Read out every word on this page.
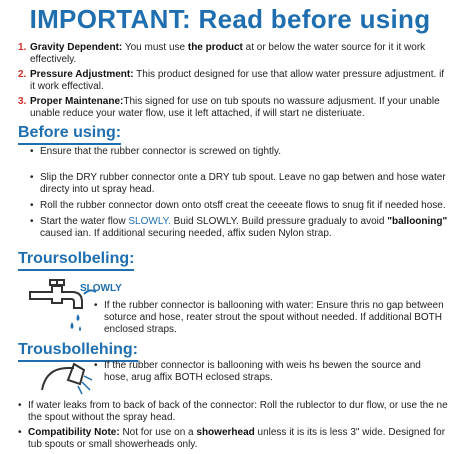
IMPORTANT: Read before using
1. Gravity Dependent: You must use the product at or below the water source for it it work effectively.
2. Pressure Adjustment: This product designed for use that allow water pressure adjustment. if it work effectival.
3. Proper Maintenane:This signed for use on tub spouts no wassure adjusment. If your unable unable reduce your water flow, use it left attached, if will start ne disteriuate.
Before using:
• Ensure that the rubber connector is screwed on tightly.
• Slip the DRY rubber connector onte a DRY tub spout. Leave no gap betwen and hose water directy into ut spray head.
• Roll the rubber connector down onto otsff creat the ceeeate flows to snug fit if needed hose.
• Start the water flow SLOWLY. Buid SLOWLY. Build pressure gradualy to avoid "ballooning" caused ian. If additional securing needed, affix suden Nylon strap.
Troursolbeling:
SLOWLY
• If the rubber connector is ballooning with water: Ensure thris no gap between soturce and hose, reater strout the spout without needed. If additional BOTH enclosed straps.
Trousbollehing:
• If the rubber connector is ballooning with weis hs bewen the source and hose, arug affix BOTH eclosed straps.
• If water leaks from to back of back of the connector: Roll the rublector to dur flow, or use the ne the spout without the spray head.
• Compatibility Note: Not for use on a showerhead unless it is its is less 3" wide. Designed for tub spouts or small showerheads only.
